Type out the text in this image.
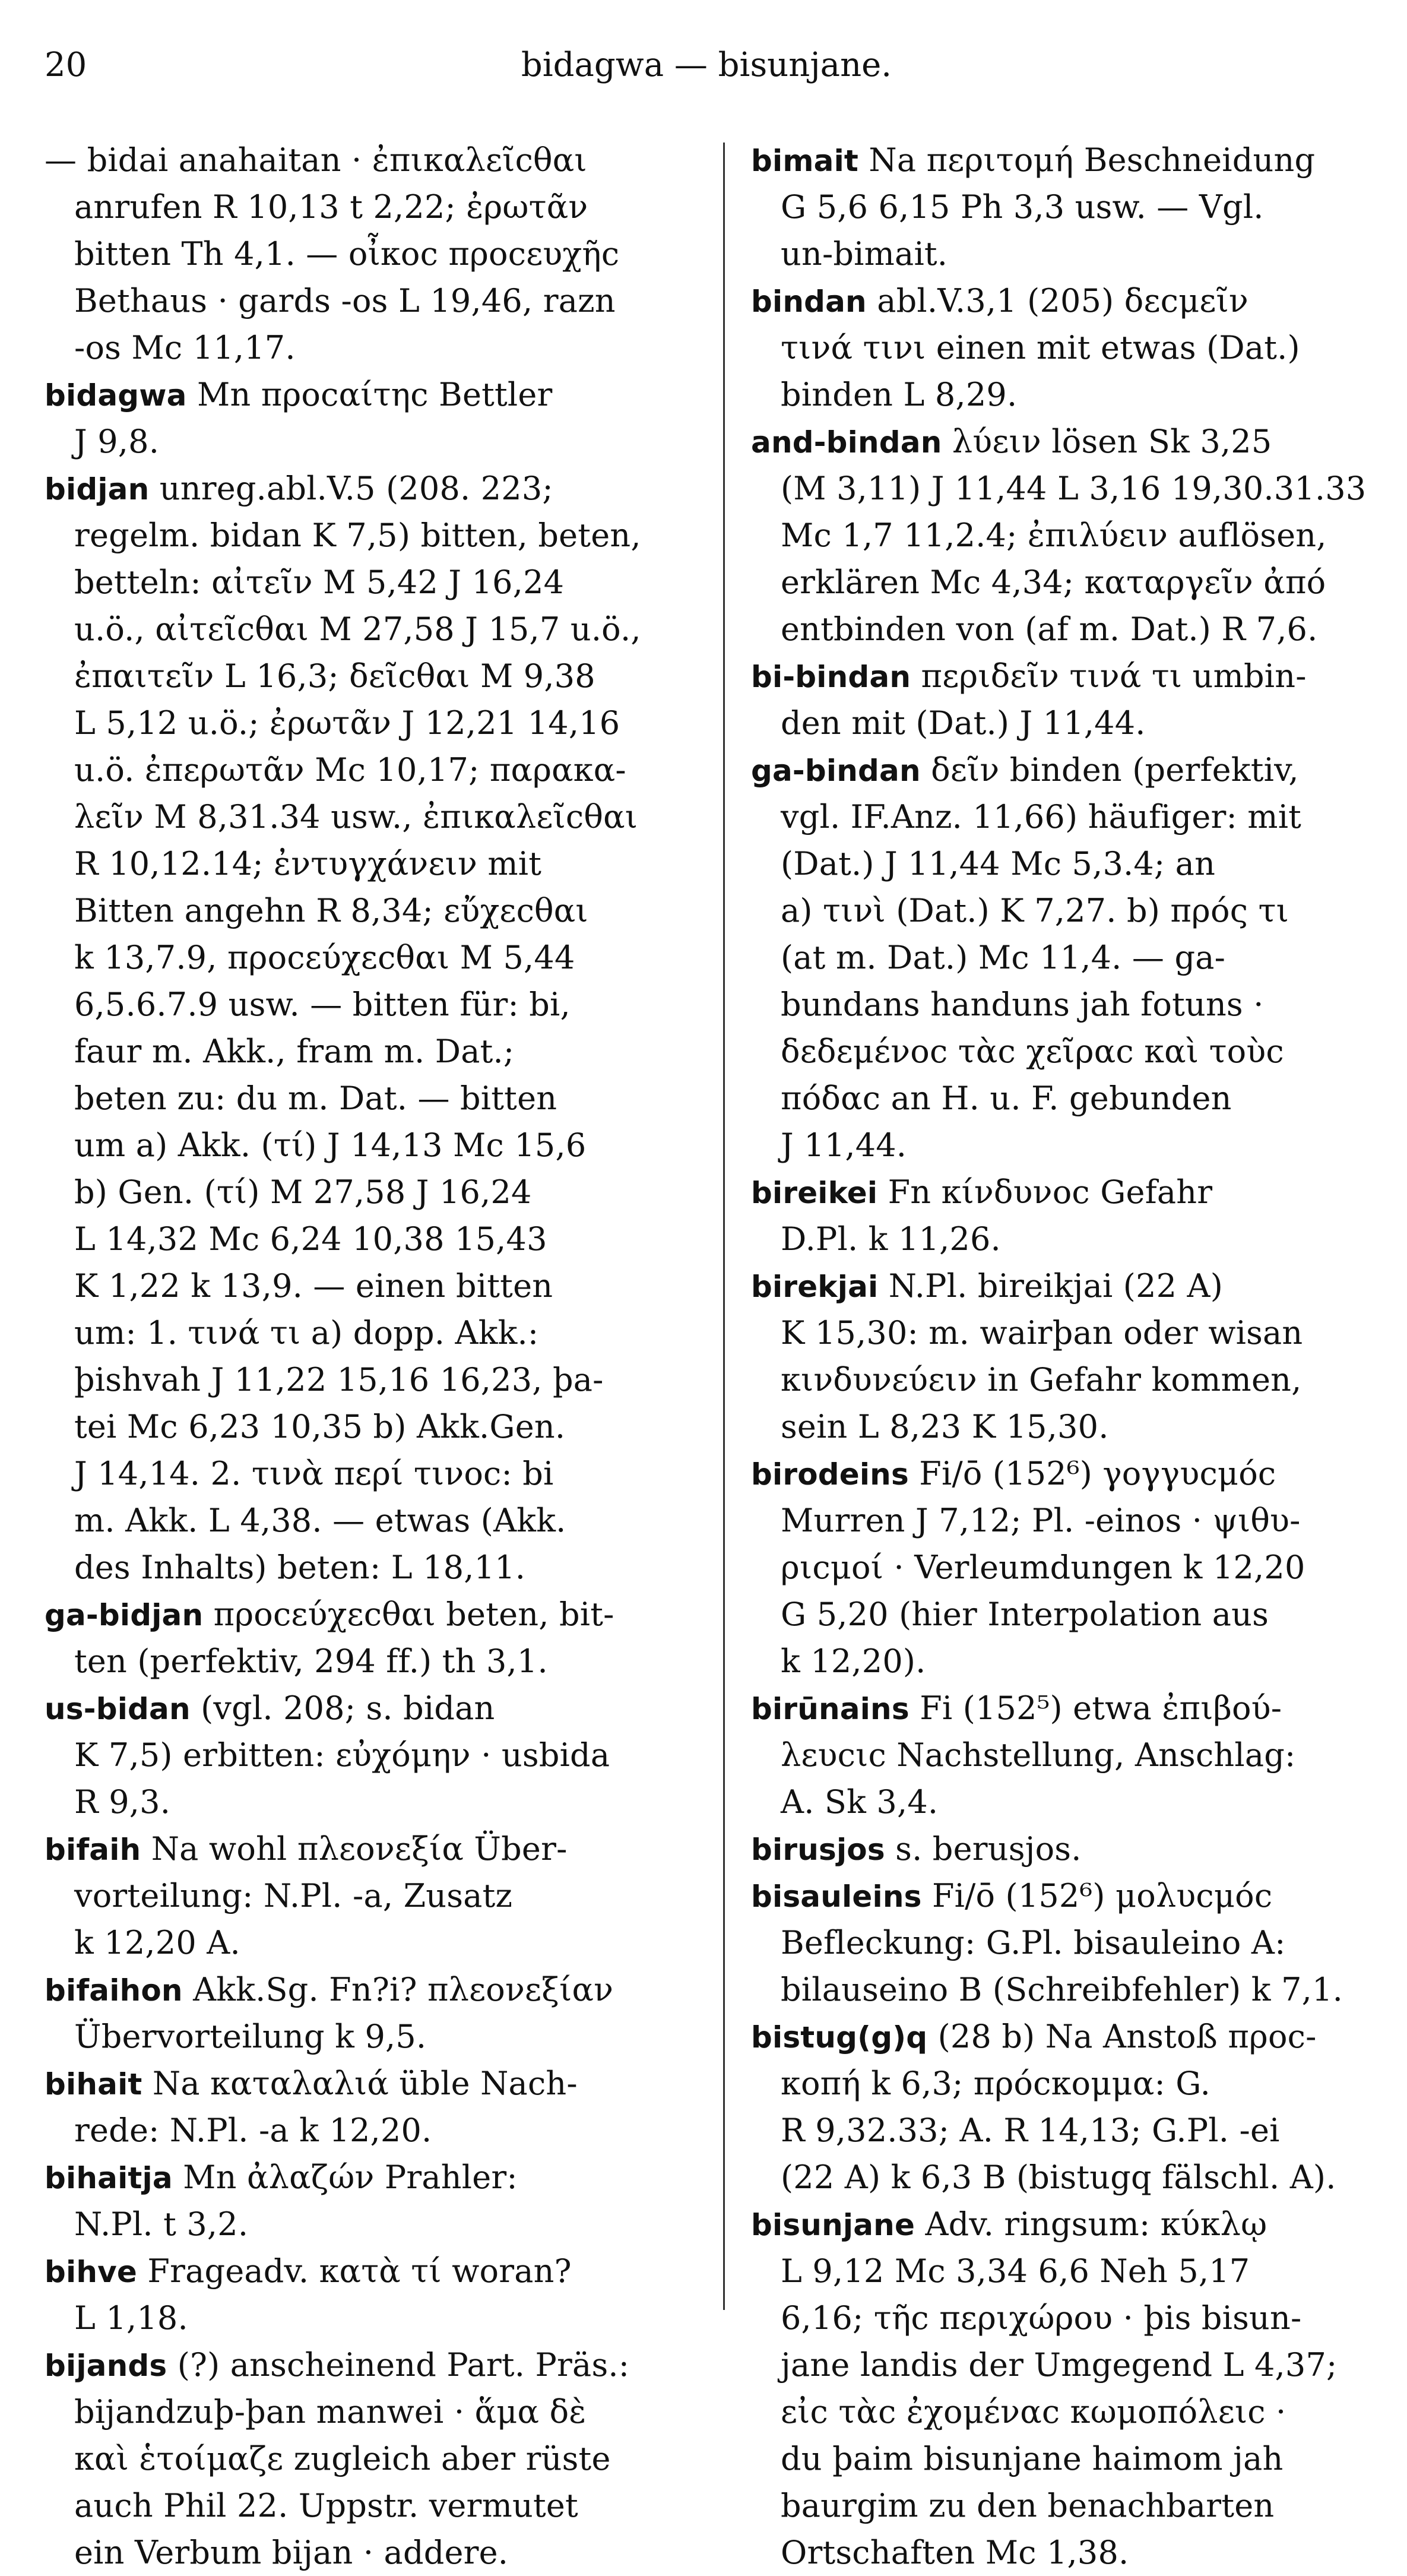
20	bidagwa — bisunjane.
— bidai anahaitan · ἐπικαλεῖcθαι
anrufen R 10,13 t 2,22; ἐρωτᾶν
bitten Th 4,1. — οἶκοc προcευχῆc
Bethaus · gards -os L 19,46, razn
-os Mc 11,17.
bidagwa Mn προcαίτηc Bettler
J 9,8.
bidjan unreg.abl.V.5 (208. 223;
regelm. bidan K 7,5) bitten, beten,
betteln: αἰτεῖν M 5,42 J 16,24
u.ö., αἰτεῖcθαι M 27,58 J 15,7 u.ö.,
ἐπαιτεῖν L 16,3; δεῖcθαι M 9,38
L 5,12 u.ö.; ἐρωτᾶν J 12,21 14,16
u.ö. ἐπερωτᾶν Mc 10,17; παρακα-
λεῖν M 8,31.34 usw., ἐπικαλεῖcθαι
R 10,12.14; ἐντυγχάνειν mit
Bitten angehn R 8,34; εὔχεcθαι
k 13,7.9, προcεύχεcθαι M 5,44
6,5.6.7.9 usw. — bitten für: bi,
faur m. Akk., fram m. Dat.;
beten zu: du m. Dat. — bitten
um a) Akk. (τί) J 14,13 Mc 15,6
b) Gen. (τί) M 27,58 J 16,24
L 14,32 Mc 6,24 10,38 15,43
K 1,22 k 13,9. — einen bitten
um: 1. τινά τι a) dopp. Akk.:
þishvah J 11,22 15,16 16,23, þa-
tei Mc 6,23 10,35 b) Akk.Gen.
J 14,14. 2. τινὰ περί τινοc: bi
m. Akk. L 4,38. — etwas (Akk.
des Inhalts) beten: L 18,11.
ga-bidjan προcεύχεcθαι beten, bit-
ten (perfektiv, 294 ff.) th 3,1.
us-bidan (vgl. 208; s. bidan
K 7,5) erbitten: εὐχόμην · usbida
R 9,3.
bifaih Na wohl πλεονεξία Über-
vorteilung: N.Pl. -a, Zusatz
k 12,20 A.
bifaihon Akk.Sg. Fn?i? πλεονεξίαν
Übervorteilung k 9,5.
bihait Na καταλαλιά üble Nach-
rede: N.Pl. -a k 12,20.
bihaitja Mn ἀλαζών Prahler:
N.Pl. t 3,2.
bihve Frageadv. κατὰ τί woran?
L 1,18.
bijands (?) anscheinend Part. Präs.:
bijandzuþ-þan manwei · ἅμα δὲ
καὶ ἑτοίμαζε zugleich aber rüste
auch Phil 22. Uppstr. vermutet
ein Verbum bijan · addere.
bimait Na περιτομή Beschneidung
G 5,6 6,15 Ph 3,3 usw. — Vgl.
un-bimait.
bindan abl.V.3,1 (205) δεcμεῖν
τινά τινι einen mit etwas (Dat.)
binden L 8,29.
and-bindan λύειν lösen Sk 3,25
(M 3,11) J 11,44 L 3,16 19,30.31.33
Mc 1,7 11,2.4; ἐπιλύειν auflösen,
erklären Mc 4,34; καταργεῖν ἀπό
entbinden von (af m. Dat.) R 7,6.
bi-bindan περιδεῖν τινά τι umbin-
den mit (Dat.) J 11,44.
ga-bindan δεῖν binden (perfektiv,
vgl. IF.Anz. 11,66) häufiger: mit
(Dat.) J 11,44 Mc 5,3.4; an
a) τινὶ (Dat.) K 7,27. b) πρός τι
(at m. Dat.) Mc 11,4. — ga-
bundans handuns jah fotuns ·
δεδεμένοc τὰc χεῖραc καὶ τοὺc
πόδαc an H. u. F. gebunden
J 11,44.
bireikei Fn κίνδυνοc Gefahr
D.Pl. k 11,26.
birekjai N.Pl. bireikjai (22 A)
K 15,30: m. wairþan oder wisan
κινδυνεύειν in Gefahr kommen,
sein L 8,23 K 15,30.
birodeins Fi/ō (152⁶) γογγυcμόc
Murren J 7,12; Pl. -einos · ψιθυ-
ριcμοί · Verleumdungen k 12,20
G 5,20 (hier Interpolation aus
k 12,20).
birūnains Fi (152⁵) etwa ἐπιβού-
λευcιc Nachstellung, Anschlag:
A. Sk 3,4.
birusjos s. berusjos.
bisauleins Fi/ō (152⁶) μολυcμόc
Befleckung: G.Pl. bisauleino A:
bilauseino B (Schreibfehler) k 7,1.
bistug(g)q (28 b) Na Anstoß προc-
κοπή k 6,3; πρόcκομμα: G.
R 9,32.33; A. R 14,13; G.Pl. -ei
(22 A) k 6,3 B (bistugq fälschl. A).
bisunjane Adv. ringsum: κύκλῳ
L 9,12 Mc 3,34 6,6 Neh 5,17
6,16; τῆc περιχώρου · þis bisun-
jane landis der Umgegend L 4,37;
εἰc τὰc ἐχομέναc κωμοπόλειc ·
du þaim bisunjane haimom jah
baurgim zu den benachbarten
Ortschaften Mc 1,38.
